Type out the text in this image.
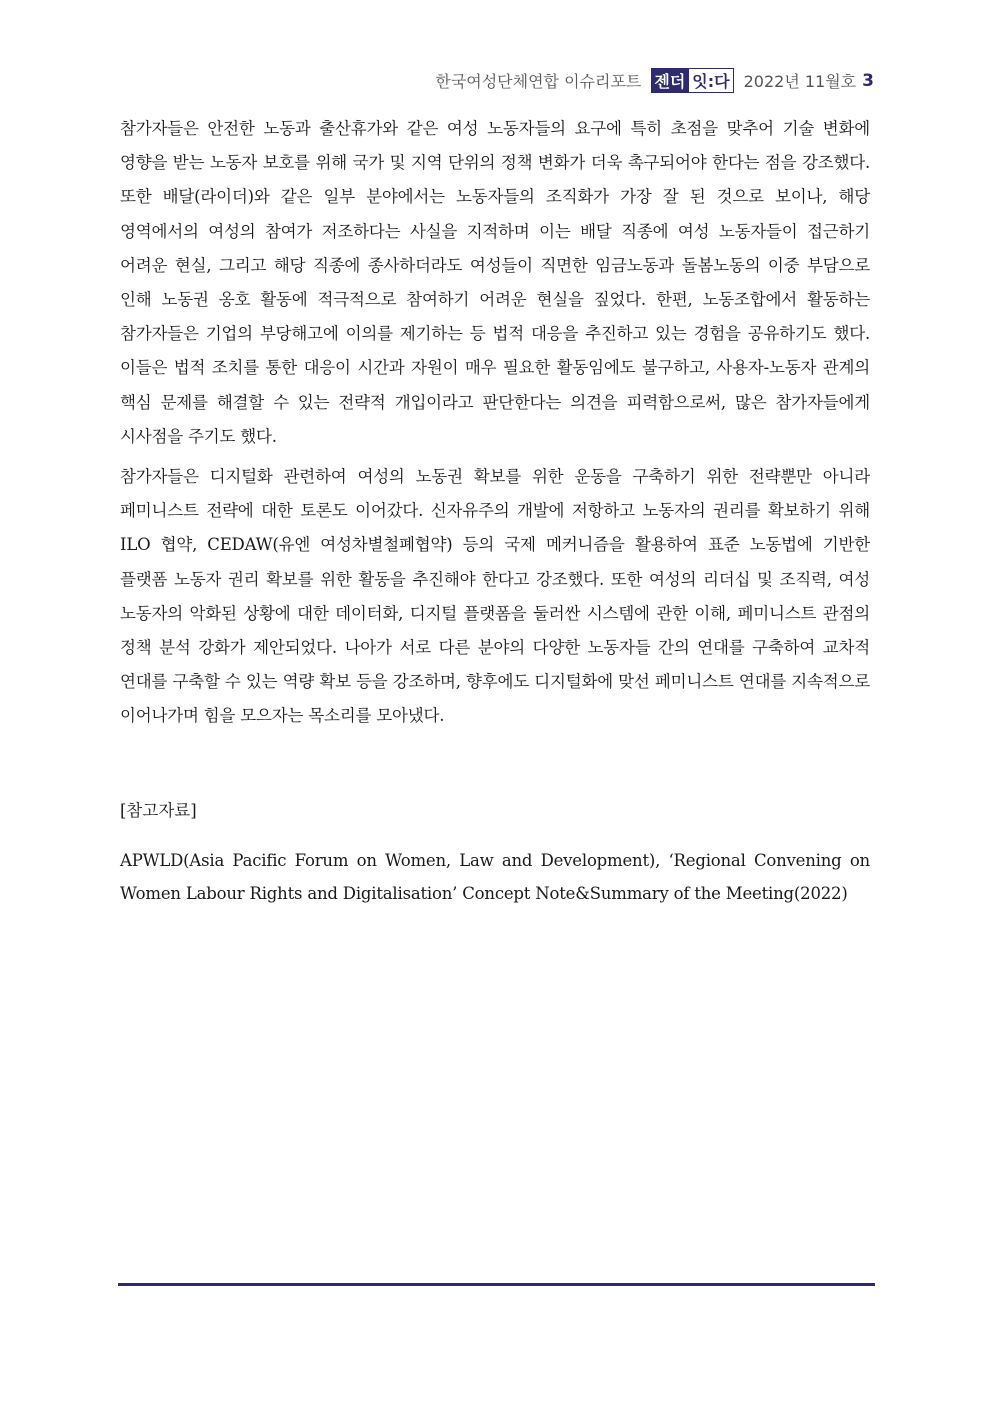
한국여성단체연합 이슈리포트 젠더 잇:다 2022년 11월호 3

참가자들은 안전한 노동과 출산휴가와 같은 여성 노동자들의 요구에 특히 초점을 맞추어 기술 변화에 영향을 받는 노동자 보호를 위해 국가 및 지역 단위의 정책 변화가 더욱 촉구되어야 한다는 점을 강조했다. 또한 배달(라이더)와 같은 일부 분야에서는 노동자들의 조직화가 가장 잘 된 것으로 보이나, 해당 영역에서의 여성의 참여가 저조하다는 사실을 지적하며 이는 배달 직종에 여성 노동자들이 접근하기 어려운 현실, 그리고 해당 직종에 종사하더라도 여성들이 직면한 임금노동과 돌봄노동의 이중 부담으로 인해 노동권 옹호 활동에 적극적으로 참여하기 어려운 현실을 짚었다. 한편, 노동조합에서 활동하는 참가자들은 기업의 부당해고에 이의를 제기하는 등 법적 대응을 추진하고 있는 경험을 공유하기도 했다. 이들은 법적 조치를 통한 대응이 시간과 자원이 매우 필요한 활동임에도 불구하고, 사용자-노동자 관계의 핵심 문제를 해결할 수 있는 전략적 개입이라고 판단한다는 의견을 피력함으로써, 많은 참가자들에게 시사점을 주기도 했다.

참가자들은 디지털화 관련하여 여성의 노동권 확보를 위한 운동을 구축하기 위한 전략뿐만 아니라 페미니스트 전략에 대한 토론도 이어갔다. 신자유주의 개발에 저항하고 노동자의 권리를 확보하기 위해 ILO 협약, CEDAW(유엔 여성차별철폐협약) 등의 국제 메커니즘을 활용하여 표준 노동법에 기반한 플랫폼 노동자 권리 확보를 위한 활동을 추진해야 한다고 강조했다. 또한 여성의 리더십 및 조직력, 여성 노동자의 악화된 상황에 대한 데이터화, 디지털 플랫폼을 둘러싼 시스템에 관한 이해, 페미니스트 관점의 정책 분석 강화가 제안되었다. 나아가 서로 다른 분야의 다양한 노동자들 간의 연대를 구축하여 교차적 연대를 구축할 수 있는 역량 확보 등을 강조하며, 향후에도 디지털화에 맞선 페미니스트 연대를 지속적으로 이어나가며 힘을 모으자는 목소리를 모아냈다.

[참고자료]
APWLD(Asia Pacific Forum on Women, Law and Development), ‘Regional Convening on Women Labour Rights and Digitalisation’ Concept Note&Summary of the Meeting(2022)
